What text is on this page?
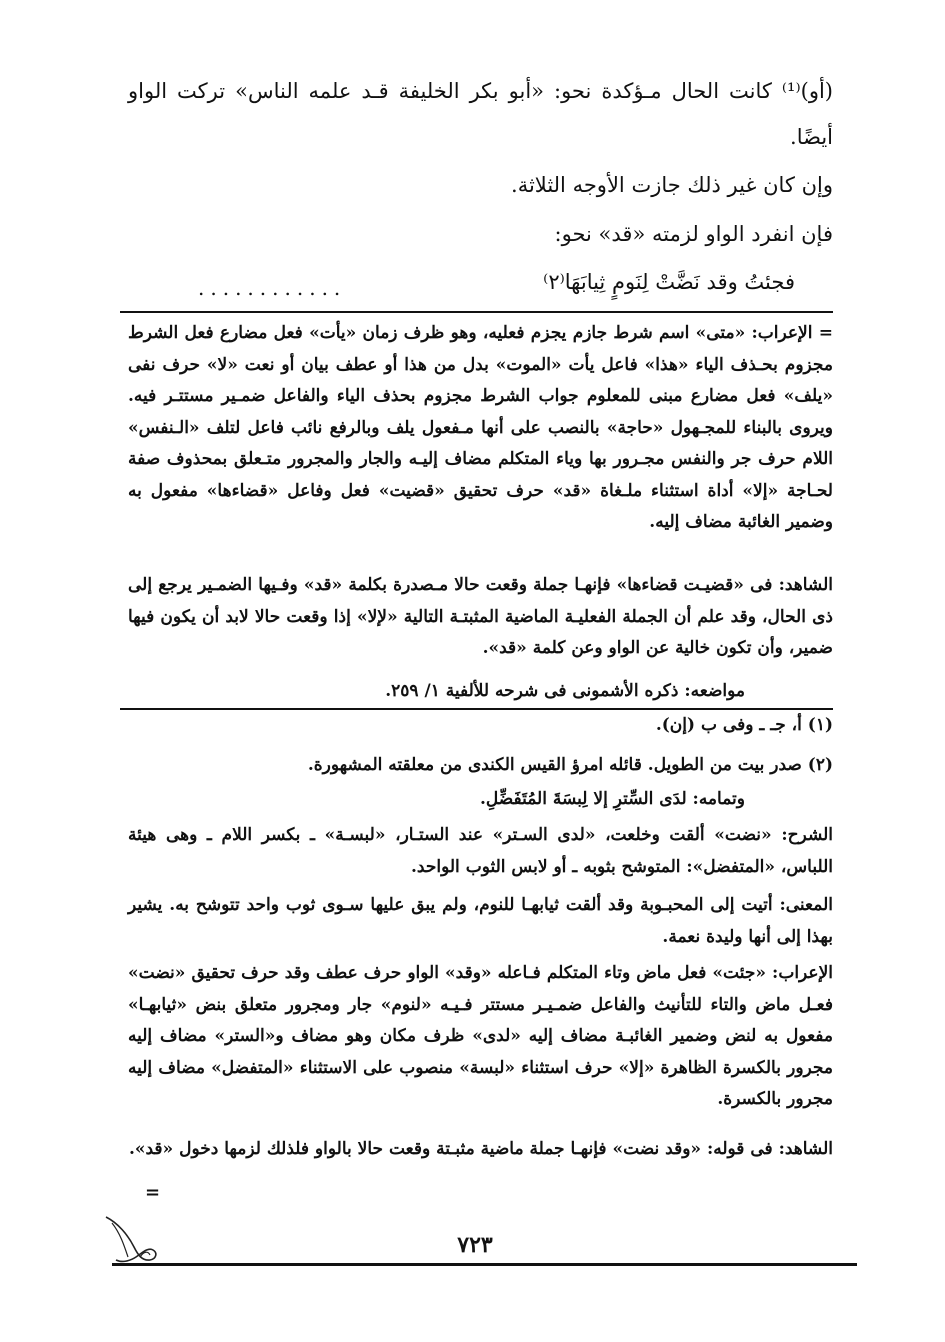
(أو)⁽¹⁾ كانت الحال مـؤكدة نحو: «أبو بكر الخليفة قـد علمه الناس» تركت الواو أيضًا.
وإن كان غير ذلك جازت الأوجه الثلاثة.
فإن انفرد الواو لزمته «قد» نحو:
فجئتُ وقد نَضَّتْ لِنَومٍ ثِيابَهَا⁽٢⁾
............
= الإعراب: «متى» اسم شرط جازم يجزم فعليه، وهو ظرف زمان «يأت» فعل مضارع فعل الشرط مجزوم بحـذف الياء «هذا» فاعل يأت «الموت» بدل من هذا أو عطف بيان أو نعت «لا» حرف نفى «يلف» فعل مضارع مبنى للمعلوم جواب الشرط مجزوم بحذف الياء والفاعل ضمـير مستتـر فيه. ويروى بالبناء للمجـهول «حاجة» بالنصب على أنها مـفعول يلف وبالرفع نائب فاعل لتلف «الـنفس» اللام حرف جر والنفس مجـرور بها وياء المتكلم مضاف إليـه والجار والمجرور متـعلق بمحذوف صفة لحـاجة «إلا» أداة استثناء ملـغاة «قد» حرف تحقيق «قضيت» فعل وفاعل «قضاءها» مفعول به وضمير الغائبة مضاف إليه.
الشاهد: فى «قضيـت قضاءها» فإنهـا جملة وقعت حالا مـصدرة بكلمة «قد» وفـيها الضمـير يرجع إلى ذى الحال، وقد علم أن الجملة الفعليـة الماضية المثبتـة التالية «لإلا» إذا وقعت حالا لابد أن يكون فيها ضمير، وأن تكون خالية عن الواو وعن كلمة «قد».
مواضعه: ذكره الأشمونى فى شرحه للألفية ١/ ٢٥٩.
(١) أ، جـ ـ وفى ب (إن).
(٢) صدر بيت من الطويل. قائله امرؤ القيس الكندى من معلقته المشهورة.
وتمامه: لدَى السِّترِ إلا لِبسَةَ المُتَفَضِّلِ.
الشرح: «نضت» ألقت وخلعت، «لدى السـتر» عند الستـار، «لبسـة» ـ بكسر اللام ـ وهى هيئة اللباس، «المتفضل»: المتوشح بثوبه ـ أو لابس الثوب الواحد.
المعنى: أتيت إلى المحبـوبة وقد ألقت ثيابهـا للنوم، ولم يبق عليها سـوى ثوب واحد تتوشح به. يشير بهذا إلى أنها وليدة نعمة.
الإعراب: «جئت» فعل ماض وتاء المتكلم فـاعله «وقد» الواو حرف عطف وقد حرف تحقيق «نضت» فعـل ماض والتاء للتأنيث والفاعل ضمـيـر مستتر فـيـه «لنوم» جار ومجرور متعلق بنض «ثيابهـا» مفعول به لنض وضمير الغائبـة مضاف إليه «لدى» ظرف مكان وهو مضاف و«الستر» مضاف إليه مجرور بالكسرة الظاهرة «إلا» حرف استثناء «لبسة» منصوب على الاستثناء «المتفضل» مضاف إليه مجرور بالكسرة.
الشاهد: فى قوله: «وقد نضت» فإنهـا جملة ماضية مثبـتة وقعت حالا بالواو فلذلك لزمها دخول «قد».
=
٧٢٣
